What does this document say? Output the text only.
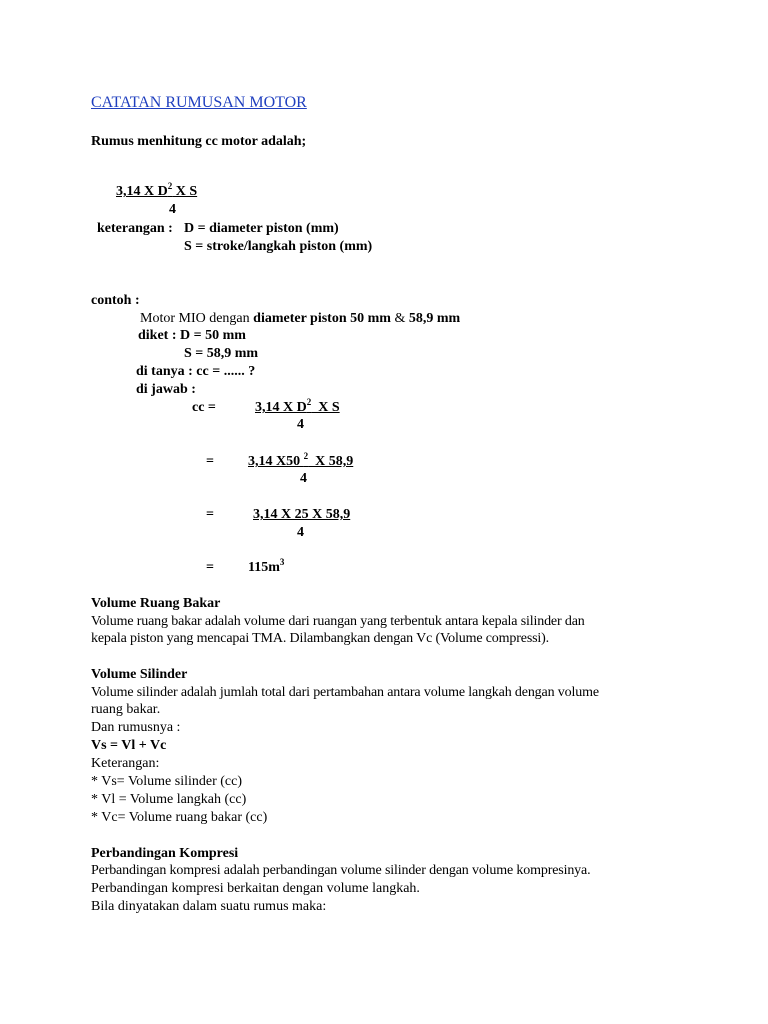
CATATAN RUMUSAN MOTOR
Rumus menhitung cc motor adalah;
3,14 X $D^2$ X S
4
keterangan : D = diameter piston (mm)
S = stroke/langkah piston (mm)
contoh :
Motor MIO dengan diameter piston 50 mm & 58,9 mm
diket : D = 50 mm
S = 58,9 mm
di tanya : cc = ...... ?
di jawab :
cc =	3,14 X $D^2$  X S
4
= 3,14 X50 $^2$  X 58,9
4
=	3,14 X 25 X 58,9
4
= $115m^3$
Volume Ruang Bakar
Volume ruang bakar adalah volume dari ruangan yang terbentuk antara kepala silinder dan
kepala piston yang mencapai TMA. Dilambangkan dengan Vc (Volume compressi).
Volume Silinder
Volume silinder adalah jumlah total dari pertambahan antara volume langkah dengan volume
ruang bakar.
Dan rumusnya :
Vs = Vl + Vc
Keterangan:
* Vs= Volume silinder (cc)
* Vl = Volume langkah (cc)
* Vc= Volume ruang bakar (cc)
Perbandingan Kompresi
Perbandingan kompresi adalah perbandingan volume silinder dengan volume kompresinya.
Perbandingan kompresi berkaitan dengan volume langkah.
Bila dinyatakan dalam suatu rumus maka:
